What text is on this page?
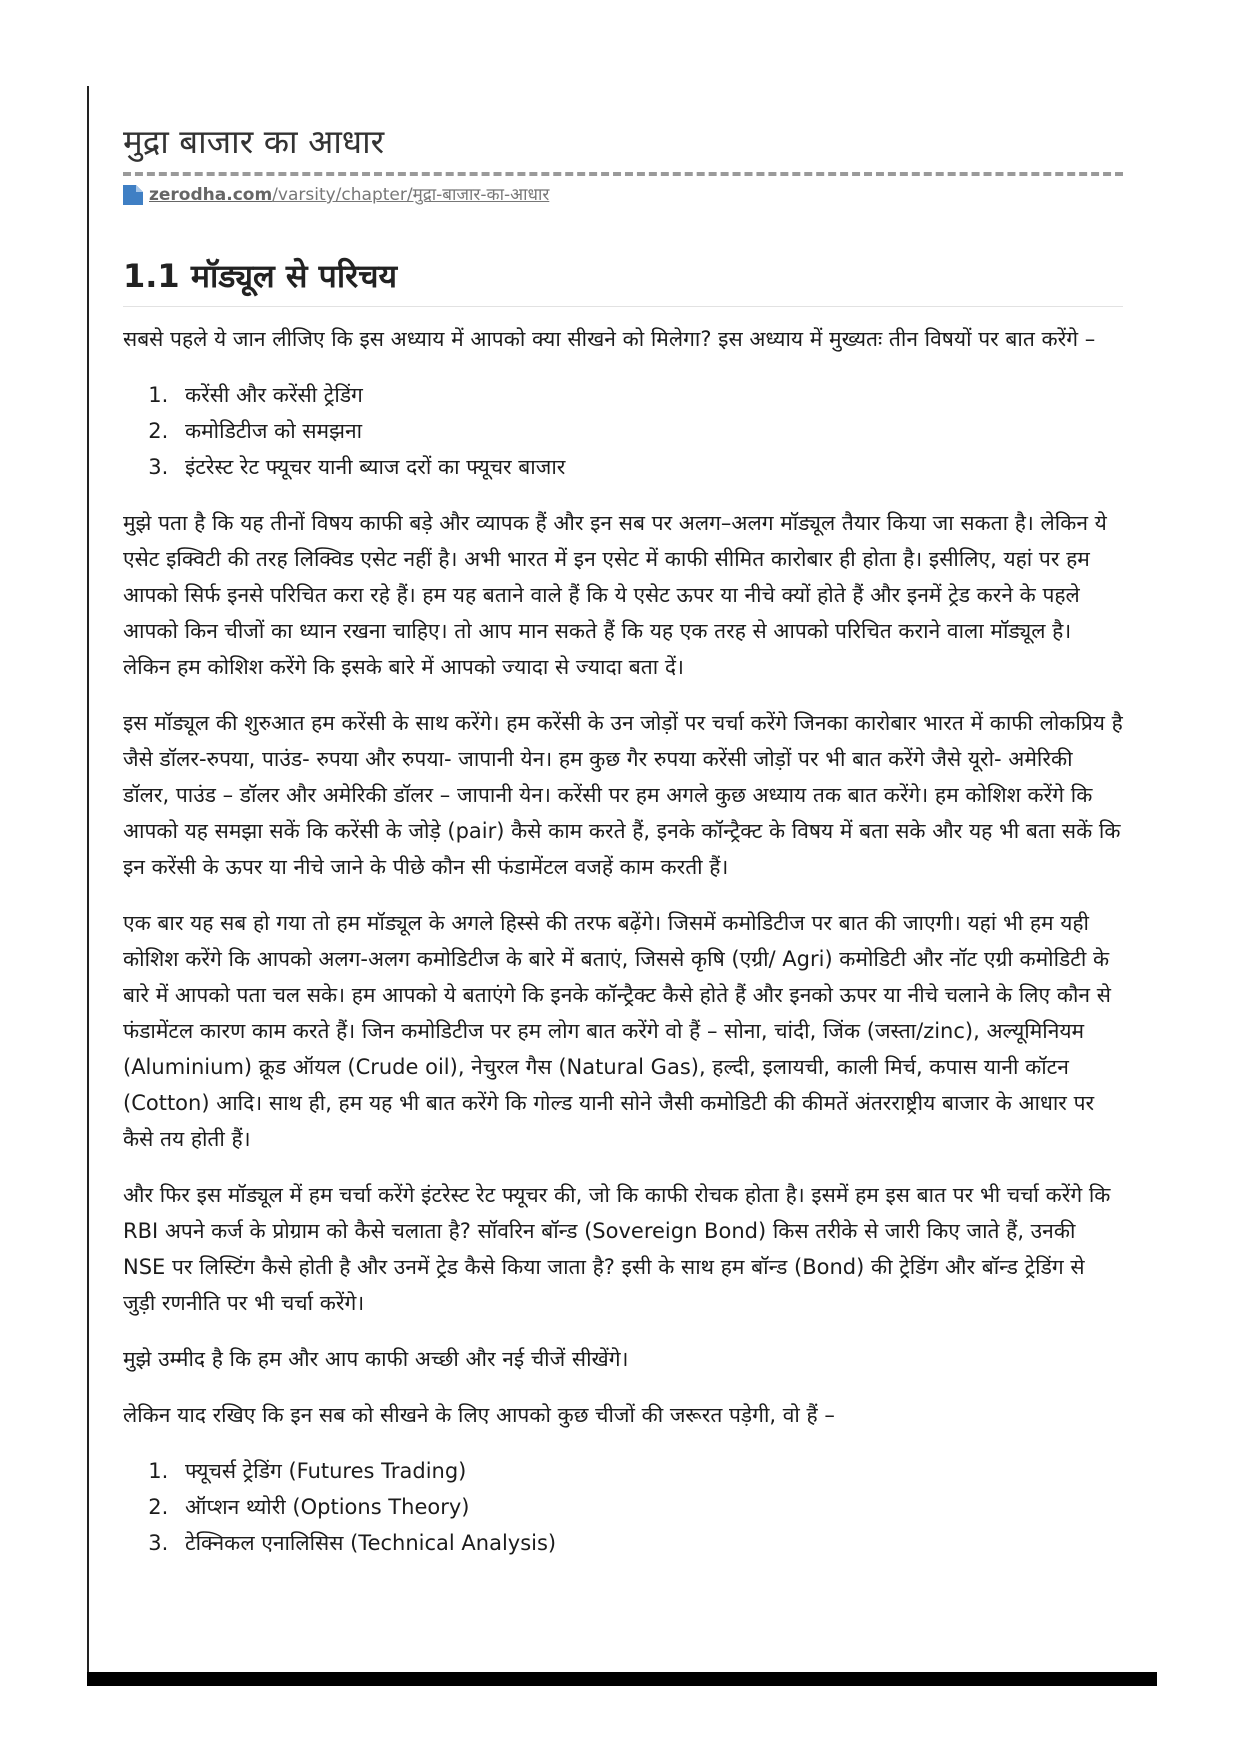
मुद्रा बाजार का आधार
zerodha.com /varsity/chapter/मुद्रा-बाजार-का-आधार
1.1 मॉड्यूल से परिचय

सबसे पहले ये जान लीजिए कि इस अध्याय में आपको क्या सीखने को मिलेगा? इस अध्याय में मुख्यतः तीन विषयों पर बात करेंगे –

1. करेंसी और करेंसी ट्रेडिंग
2. कमोडिटीज को समझना
3. इंटरेस्ट रेट फ्यूचर यानी ब्याज दरों का फ्यूचर बाजार

मुझे पता है कि यह तीनों विषय काफी बड़े और व्यापक हैं और इन सब पर अलग–अलग मॉड्यूल तैयार किया जा सकता है। लेकिन ये एसेट इक्विटी की तरह लिक्विड एसेट नहीं है। अभी भारत में इन एसेट में काफी सीमित कारोबार ही होता है। इसीलिए, यहां पर हम आपको सिर्फ इनसे परिचित करा रहे हैं। हम यह बताने वाले हैं कि ये एसेट ऊपर या नीचे क्यों होते हैं और इनमें ट्रेड करने के पहले आपको किन चीजों का ध्यान रखना चाहिए। तो आप मान सकते हैं कि यह एक तरह से आपको परिचित कराने वाला मॉड्यूल है। लेकिन हम कोशिश करेंगे कि इसके बारे में आपको ज्यादा से ज्यादा बता दें।

इस मॉड्यूल की शुरुआत हम करेंसी के साथ करेंगे। हम करेंसी के उन जोड़ों पर चर्चा करेंगे जिनका कारोबार भारत में काफी लोकप्रिय है जैसे डॉलर-रुपया, पाउंड- रुपया और रुपया- जापानी येन। हम कुछ गैर रुपया करेंसी जोड़ों पर भी बात करेंगे जैसे यूरो- अमेरिकी डॉलर, पाउंड – डॉलर और अमेरिकी डॉलर – जापानी येन। करेंसी पर हम अगले कुछ अध्याय तक बात करेंगे। हम कोशिश करेंगे कि आपको यह समझा सकें कि करेंसी के जोड़े (pair) कैसे काम करते हैं, इनके कॉन्ट्रैक्ट के विषय में बता सके और यह भी बता सकें कि इन करेंसी के ऊपर या नीचे जाने के पीछे कौन सी फंडामेंटल वजहें काम करती हैं।

एक बार यह सब हो गया तो हम मॉड्यूल के अगले हिस्से की तरफ बढ़ेंगे। जिसमें कमोडिटीज पर बात की जाएगी। यहां भी हम यही कोशिश करेंगे कि आपको अलग-अलग कमोडिटीज के बारे में बताएं, जिससे कृषि (एग्री/ Agri) कमोडिटी और नॉट एग्री कमोडिटी के बारे में आपको पता चल सके। हम आपको ये बताएंगे कि इनके कॉन्ट्रैक्ट कैसे होते हैं और इनको ऊपर या नीचे चलाने के लिए कौन से फंडामेंटल कारण काम करते हैं। जिन कमोडिटीज पर हम लोग बात करेंगे वो हैं – सोना, चांदी, जिंक (जस्ता/zinc), अल्यूमिनियम (Aluminium) क्रूड ऑयल (Crude oil), नेचुरल गैस (Natural Gas), हल्दी, इलायची, काली मिर्च, कपास यानी कॉटन (Cotton) आदि। साथ ही, हम यह भी बात करेंगे कि गोल्ड यानी सोने जैसी कमोडिटी की कीमतें अंतरराष्ट्रीय बाजार के आधार पर कैसे तय होती हैं।

और फिर इस मॉड्यूल में हम चर्चा करेंगे इंटरेस्ट रेट फ्यूचर की, जो कि काफी रोचक होता है। इसमें हम इस बात पर भी चर्चा करेंगे कि RBI अपने कर्ज के प्रोग्राम को कैसे चलाता है? सॉवरिन बॉन्ड (Sovereign Bond) किस तरीके से जारी किए जाते हैं, उनकी NSE पर लिस्टिंग कैसे होती है और उनमें ट्रेड कैसे किया जाता है? इसी के साथ हम बॉन्ड (Bond) की ट्रेडिंग और बॉन्ड ट्रेडिंग से जुड़ी रणनीति पर भी चर्चा करेंगे।

मुझे उम्मीद है कि हम और आप काफी अच्छी और नई चीजें सीखेंगे।

लेकिन याद रखिए कि इन सब को सीखने के लिए आपको कुछ चीजों की जरूरत पड़ेगी, वो हैं –

1. फ्यूचर्स ट्रेडिंग (Futures Trading)
2. ऑप्शन थ्योरी (Options Theory)
3. टेक्निकल एनालिसिस (Technical Analysis)
